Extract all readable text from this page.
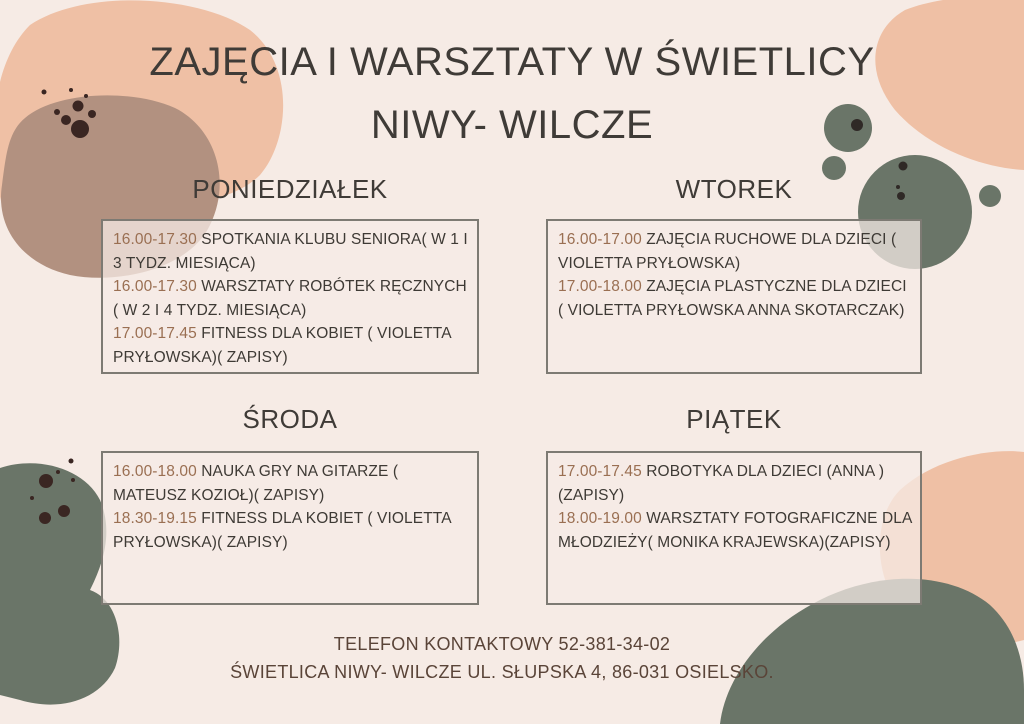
ZAJĘCIA I WARSZTATY W ŚWIETLICY
NIWY- WILCZE
PONIEDZIAŁEK

16.00-17.30 SPOTKANIA KLUBU SENIORA( W 1 I 3 TYDZ. MIESIĄCA)

16.00-17.30 WARSZTATY ROBÓTEK RĘCZNYCH ( W 2 I 4 TYDZ. MIESIĄCA)

17.00-17.45 FITNESS DLA KOBIET ( VIOLETTA PRYŁOWSKA)( ZAPISY)

WTOREK

16.00-17.00 ZAJĘCIA RUCHOWE DLA DZIECI ( VIOLETTA PRYŁOWSKA)

17.00-18.00 ZAJĘCIA PLASTYCZNE DLA DZIECI ( VIOLETTA PRYŁOWSKA ANNA SKOTARCZAK)

ŚRODA

16.00-18.00 NAUKA GRY NA GITARZE ( MATEUSZ KOZIOŁ)( ZAPISY)

18.30-19.15 FITNESS DLA KOBIET ( VIOLETTA PRYŁOWSKA)( ZAPISY)

PIĄTEK

17.00-17.45 ROBOTYKA DLA DZIECI (ANNA )(ZAPISY)

18.00-19.00 WARSZTATY FOTOGRAFICZNE DLA MŁODZIEŻY( MONIKA KRAJEWSKA)(ZAPISY)

TELEFON KONTAKTOWY 52-381-34-02

ŚWIETLICA NIWY- WILCZE UL. SŁUPSKA 4, 86-031 OSIELSKO.
